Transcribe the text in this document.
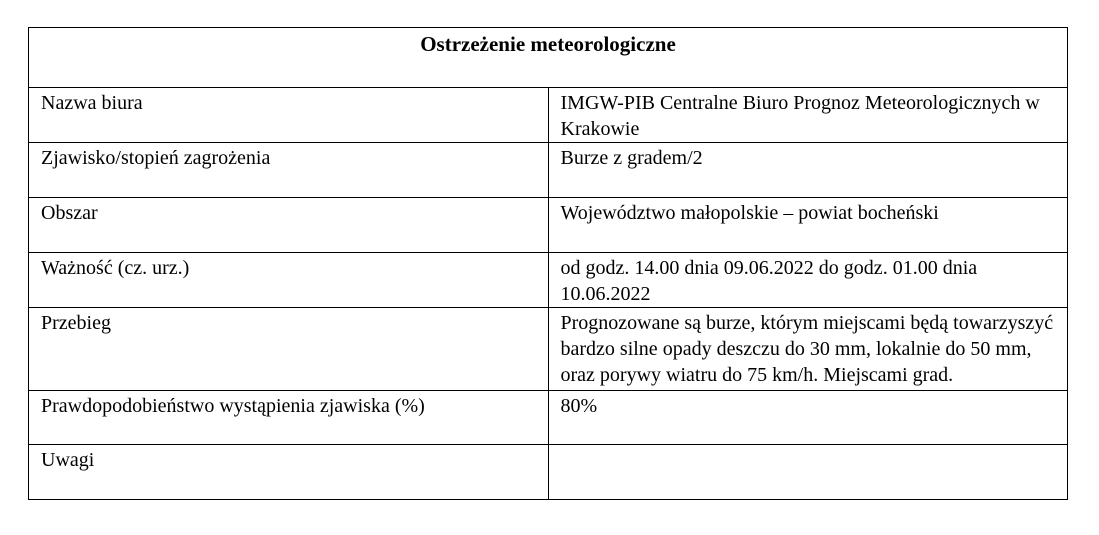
Ostrzeżenie meteorologiczne	
Nazwa biura	IMGW-PIB Centralne Biuro Prognoz Meteorologicznych w Krakowie
Zjawisko/stopień zagrożenia	Burze z gradem/2
Obszar	Województwo małopolskie – powiat bocheński
Ważność (cz. urz.)	od godz. 14.00 dnia 09.06.2022 do godz. 01.00 dnia 10.06.2022
Przebieg	Prognozowane są burze, którym miejscami będą towarzyszyć bardzo silne opady deszczu do 30 mm, lokalnie do 50 mm, oraz porywy wiatru do 75 km/h. Miejscami grad.
Prawdopodobieństwo wystąpienia zjawiska (%)	80%
Uwagi	
